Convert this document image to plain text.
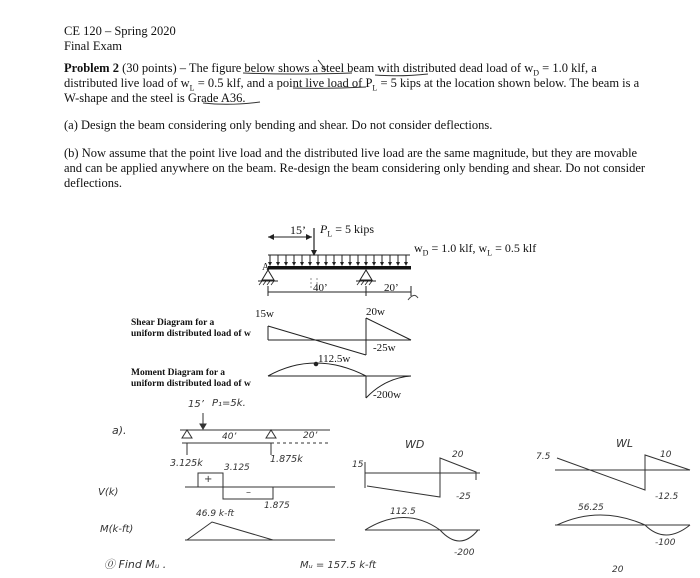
CE 120 – Spring 2020
Final Exam
Problem 2 (30 points) – The figure below shows a steel beam with distributed dead load of $w_D = 1.0$ klf, a
distributed live load of $w_L = 0.5$ klf, and a point live load of $P_L = 5$ kips at the location shown below. The beam is a
W-shape and the steel is Grade A36.
(a) Design the beam considering only bending and shear. Do not consider deflections.
(b) Now assume that the point live load and the distributed live load are the same magnitude, but they are movable
and can be applied anywhere on the beam. Re-design the beam considering only bending and shear. Do not consider
deflections.
15’ $P_L = 5$ kips
$w_D = 1.0$ klf, $w_L = 0.5$ klf
A
40’	20’
Shear Diagram for a
uniform distributed load of w
15w	20w
-25w
Moment Diagram for a
uniform distributed load of w
112.5w
-200w
a).
15’ P₁=5k.
40’	20’
3.125k	1.875k
V(k)
3.125
+
–
1.875
M(k-ft)
46.9 k-ft
⓪ Find Mᵤ .	Mᵤ = 157.5 k-ft
WD
15
20
-25
112.5
-200
WL
7.5	10
-12.5
56.25
-100
20
